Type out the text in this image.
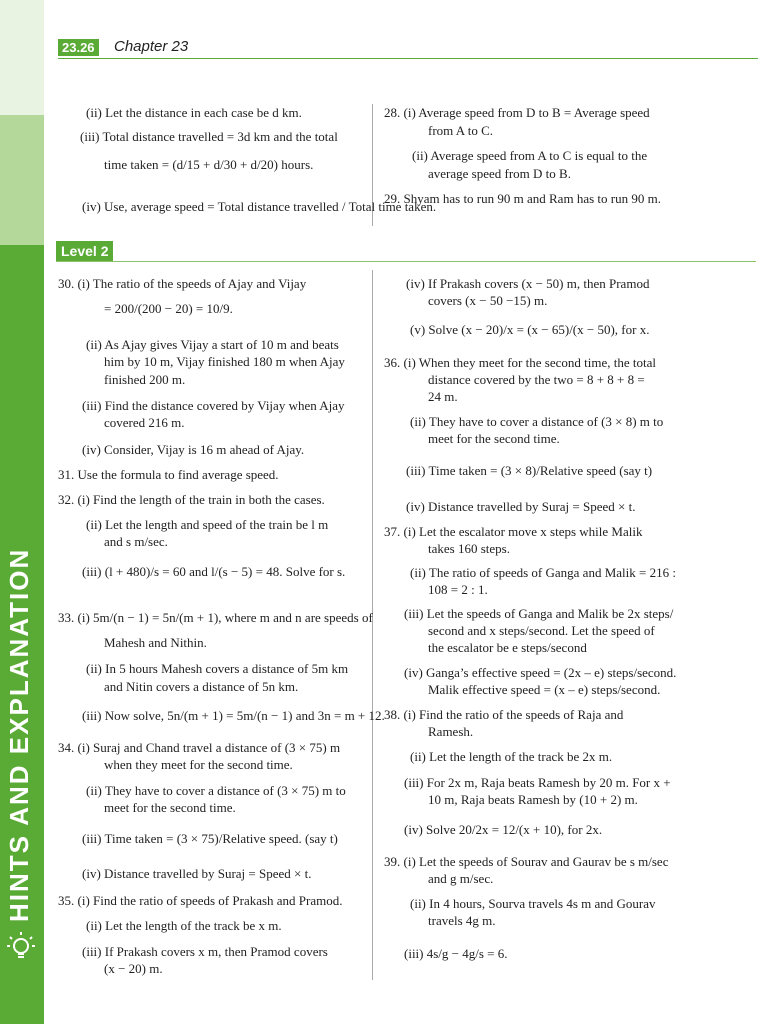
HINTS AND EXPLANATION
23.26 Chapter 23
(ii) Let the distance in each case be d km.
(iii) Total distance travelled = 3d km and the total
time taken = (d/15 + d/30 + d/20) hours.
(iv) Use, average speed = Total distance travelled / Total time taken.
28. (i) Average speed from D to B = Average speed
from A to C.
(ii) Average speed from A to C is equal to the
average speed from D to B.
29. Shyam has to run 90 m and Ram has to run 90 m.
Level 2
30. (i) The ratio of the speeds of Ajay and Vijay
= 200/(200 − 20) = 10/9.
(ii) As Ajay gives Vijay a start of 10 m and beats
him by 10 m, Vijay finished 180 m when Ajay
finished 200 m.
(iii) Find the distance covered by Vijay when Ajay
covered 216 m.
(iv) Consider, Vijay is 16 m ahead of Ajay.
31. Use the formula to find average speed.
32. (i) Find the length of the train in both the cases.
(ii) Let the length and speed of the train be l m
and s m/sec.
(iii) (l + 480)/s = 60 and l/(s − 5) = 48. Solve for s.
33. (i) 5m/(n − 1) = 5n/(m + 1), where m and n are speeds of
Mahesh and Nithin.
(ii) In 5 hours Mahesh covers a distance of 5m km
and Nitin covers a distance of 5n km.
(iii) Now solve, 5n/(m + 1) = 5m/(n − 1) and 3n = m + 12.
34. (i) Suraj and Chand travel a distance of (3 × 75) m
when they meet for the second time.
(ii) They have to cover a distance of (3 × 75) m to
meet for the second time.
(iii) Time taken = (3 × 75)/Relative speed. (say t)
(iv) Distance travelled by Suraj = Speed × t.
35. (i) Find the ratio of speeds of Prakash and Pramod.
(ii) Let the length of the track be x m.
(iii) If Prakash covers x m, then Pramod covers
(x − 20) m.
(iv) If Prakash covers (x − 50) m, then Pramod
covers (x − 50 −15) m.
(v) Solve (x − 20)/x = (x − 65)/(x − 50), for x.
36. (i) When they meet for the second time, the total
distance covered by the two = 8 + 8 + 8 =
24 m.
(ii) They have to cover a distance of (3 × 8) m to
meet for the second time.
(iii) Time taken = (3 × 8)/Relative speed (say t)
(iv) Distance travelled by Suraj = Speed × t.
37. (i) Let the escalator move x steps while Malik
takes 160 steps.
(ii) The ratio of speeds of Ganga and Malik = 216 :
108 = 2 : 1.
(iii) Let the speeds of Ganga and Malik be 2x steps/
second and x steps/second. Let the speed of
the escalator be e steps/second
(iv) Ganga’s effective speed = (2x – e) steps/second.
Malik effective speed = (x – e) steps/second.
38. (i) Find the ratio of the speeds of Raja and
Ramesh.
(ii) Let the length of the track be 2x m.
(iii) For 2x m, Raja beats Ramesh by 20 m. For x +
10 m, Raja beats Ramesh by (10 + 2) m.
(iv) Solve 20/2x = 12/(x + 10), for 2x.
39. (i) Let the speeds of Sourav and Gaurav be s m/sec
and g m/sec.
(ii) In 4 hours, Sourva travels 4s m and Gourav
travels 4g m.
(iii) 4s/g − 4g/s = 6.
